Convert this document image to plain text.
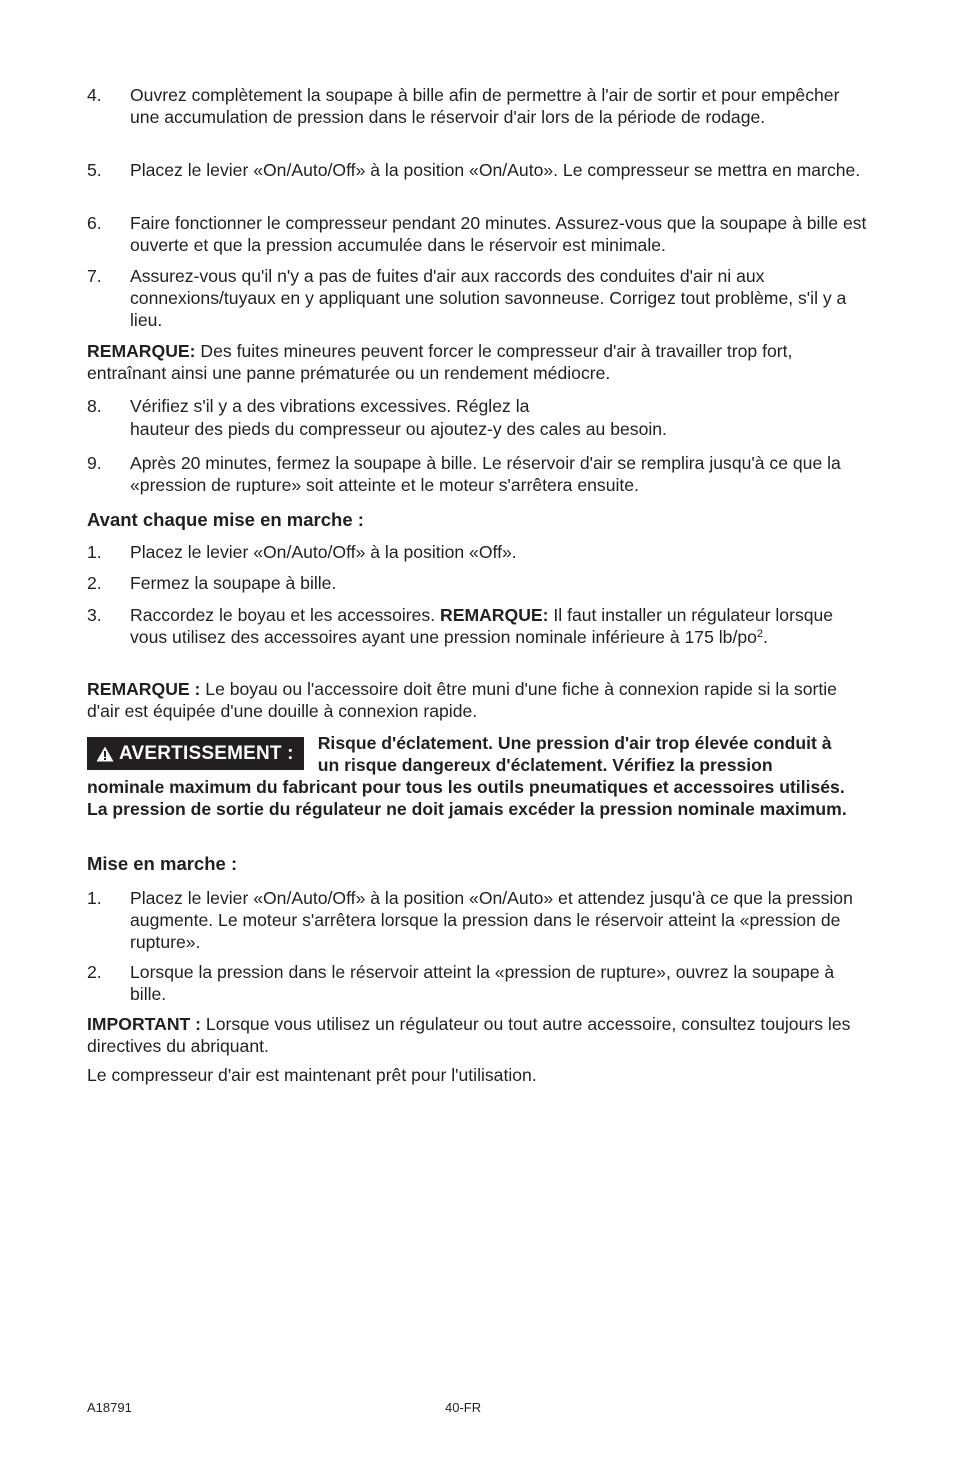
4.	Ouvrez complètement la soupape à bille afin de permettre à l'air de sortir et pour empêcher une accumulation de pression dans le réservoir d'air lors de la période de rodage.
5.	Placez le levier «On/Auto/Off» à la position «On/Auto». Le compresseur se mettra en marche.
6.	Faire fonctionner le compresseur pendant 20 minutes. Assurez-vous que la soupape à bille est ouverte et que la pression accumulée dans le réservoir est minimale.
7.	Assurez-vous qu'il n'y a pas de fuites d'air aux raccords des conduites d'air ni aux connexions/tuyaux en y appliquant une solution savonneuse. Corrigez tout problème, s'il y a lieu.
REMARQUE: Des fuites mineures peuvent forcer le compresseur d'air à travailler trop fort, entraînant ainsi une panne prématurée ou un rendement médiocre.
8.	Vérifiez s'il y a des vibrations excessives. Réglez la
hauteur des pieds du compresseur ou ajoutez-y des cales au besoin.
9.	Après 20 minutes, fermez la soupape à bille. Le réservoir d'air se remplira jusqu'à ce que la «pression de rupture» soit atteinte et le moteur s'arrêtera ensuite.
Avant chaque mise en marche :
1.	Placez le levier «On/Auto/Off» à la position «Off».
2.	Fermez la soupape à bille.
3.	Raccordez le boyau et les accessoires. REMARQUE: Il faut installer un régulateur lorsque vous utilisez des accessoires ayant une pression nominale inférieure à 175 $lb/po^2$.
REMARQUE : Le boyau ou l'accessoire doit être muni d'une fiche à connexion rapide si la sortie d'air est équipée d'une douille à connexion rapide.
AVERTISSEMENT : Risque d'éclatement. Une pression d'air trop élevée conduit à un risque dangereux d'éclatement. Vérifiez la pression nominale maximum du fabricant pour tous les outils pneumatiques et accessoires utilisés. La pression de sortie du régulateur ne doit jamais excéder la pression nominale maximum.
Mise en marche :
1.	Placez le levier «On/Auto/Off» à la position «On/Auto» et attendez jusqu'à ce que la pression augmente. Le moteur s'arrêtera lorsque la pression dans le réservoir atteint la «pression de rupture».
2.	Lorsque la pression dans le réservoir atteint la «pression de rupture», ouvrez la soupape à bille.
IMPORTANT : Lorsque vous utilisez un régulateur ou tout autre accessoire, consultez toujours les directives du abriquant.
Le compresseur d'air est maintenant prêt pour l'utilisation.
A18791	40-FR
